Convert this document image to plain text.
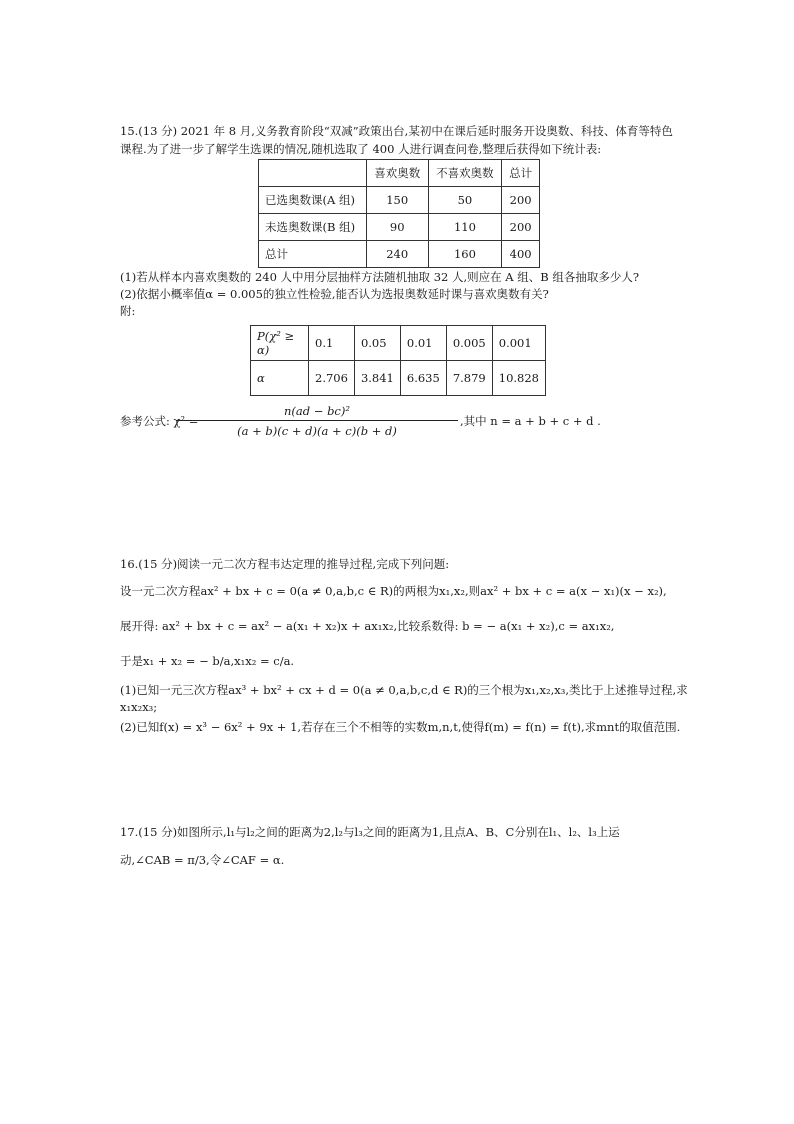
15.(13 分) 2021 年 8 月,义务教育阶段“双减”政策出台,某初中在课后延时服务开设奥数、科技、体育等特色
课程.为了进一步了解学生选课的情况,随机选取了 400 人进行调查问卷,整理后获得如下统计表:
	喜欢奥数	不喜欢奥数	总计
已选奥数课(A 组)	150	50	200
未选奥数课(B 组)	90	110	200
总计	240	160	400
(1)若从样本内喜欢奥数的 240 人中用分层抽样方法随机抽取 32 人,则应在 A 组、B 组各抽取多少人?
(2)依据小概率值α = 0.005的独立性检验,能否认为选报奥数延时课与喜欢奥数有关?
附:
P(χ² ≥ α)	0.1	0.05	0.01	0.005	0.001
α	2.706	3.841	6.635	7.879	10.828
参考公式: χ² =
n(ad − bc)²
(a + b)(c + d)(a + c)(b + d)
,其中 n = a + b + c + d .
16.(15 分)阅读一元二次方程韦达定理的推导过程,完成下列问题:
设一元二次方程ax² + bx + c = 0(a ≠ 0,a,b,c ∈ R)的两根为x₁,x₂,则ax² + bx + c = a(x − x₁)(x − x₂),
展开得: ax² + bx + c = ax² − a(x₁ + x₂)x + ax₁x₂,比较系数得: b = − a(x₁ + x₂),c = ax₁x₂,
于是x₁ + x₂ = − b/a,x₁x₂ = c/a.
(1)已知一元三次方程ax³ + bx² + cx + d = 0(a ≠ 0,a,b,c,d ∈ R)的三个根为x₁,x₂,x₃,类比于上述推导过程,求
x₁x₂x₃;
(2)已知f(x) = x³ − 6x² + 9x + 1,若存在三个不相等的实数m,n,t,使得f(m) = f(n) = f(t),求mnt的取值范围.
17.(15 分)如图所示,l₁与l₂之间的距离为2,l₂与l₃之间的距离为1,且点A、B、C分别在l₁、l₂、l₃上运
动,∠CAB = π/3,令∠CAF = α.
